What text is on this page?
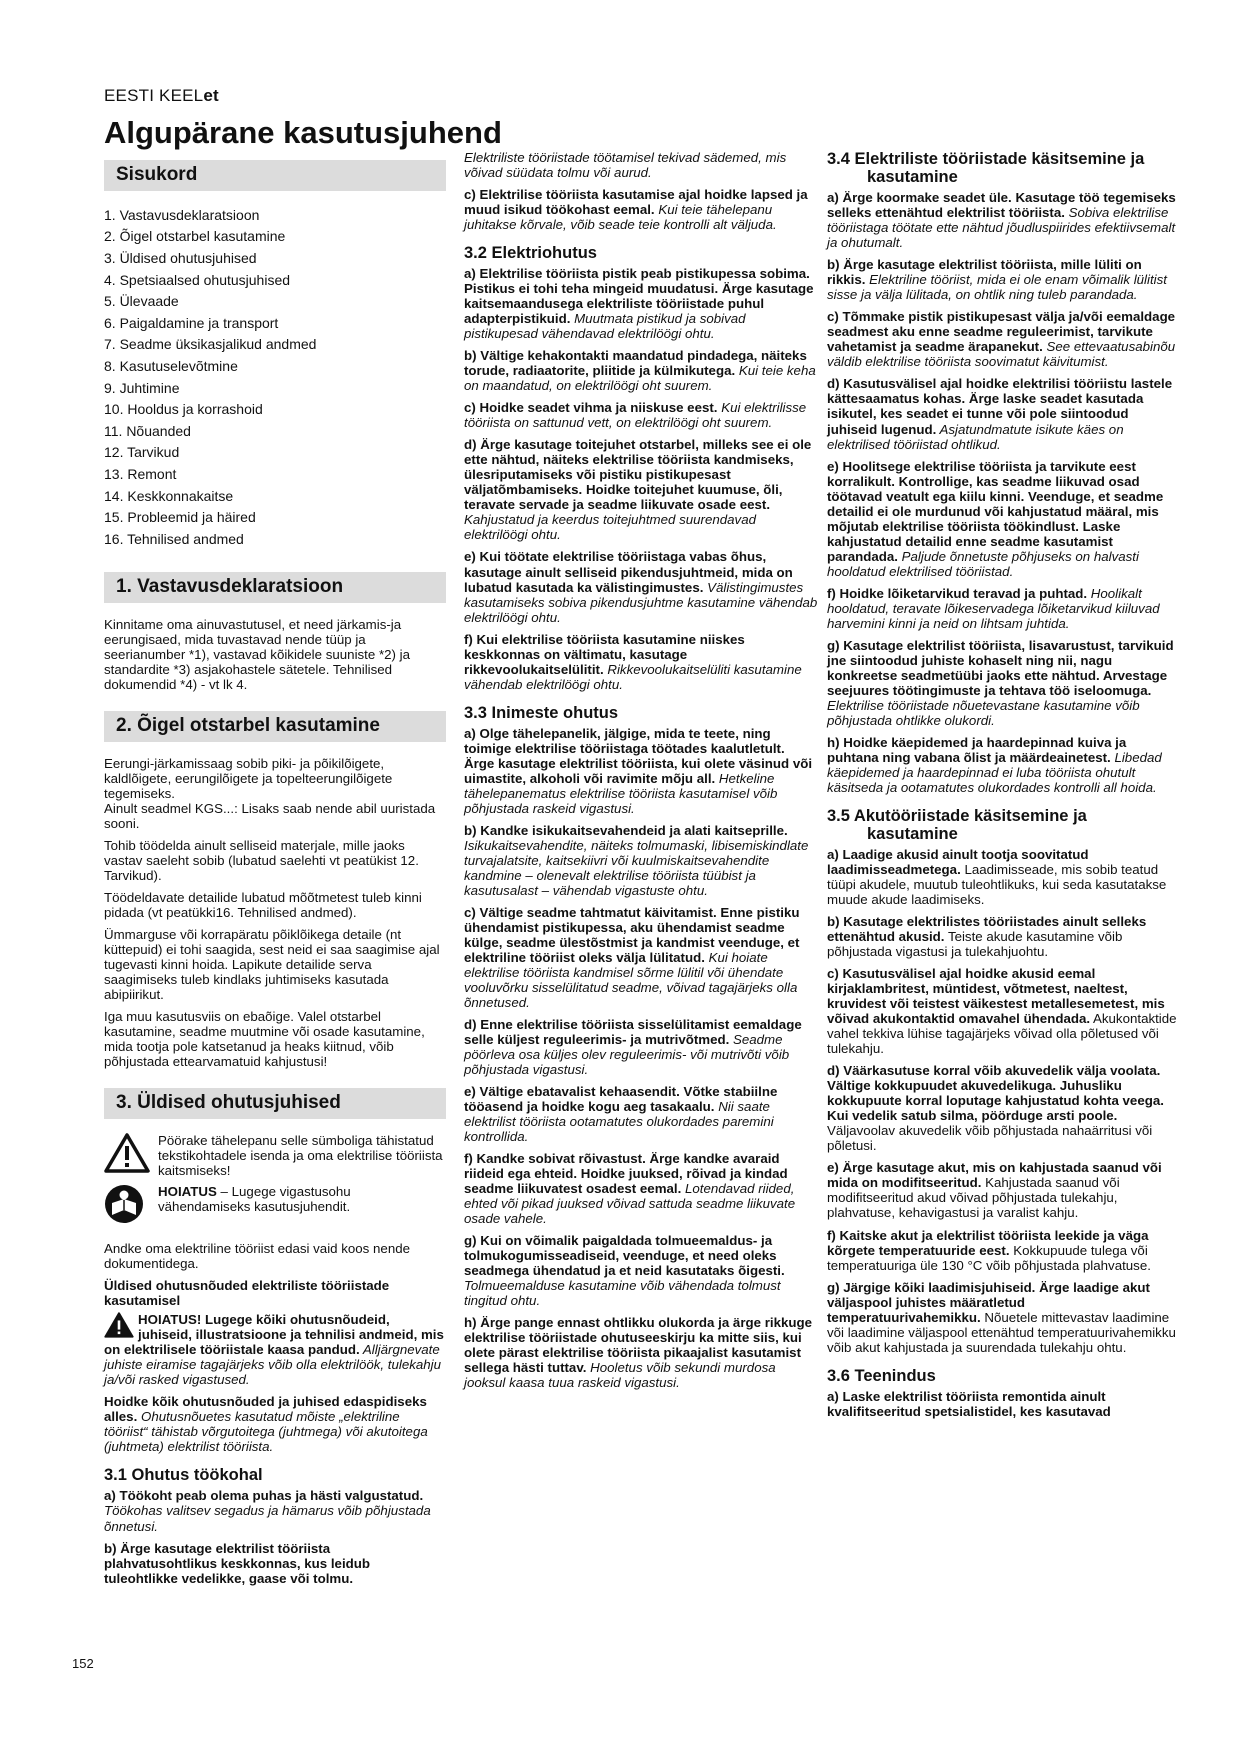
EESTI KEELet
Algupärane kasutusjuhend
152
Sisukord
1. Vastavusdeklaratsioon
2. Õigel otstarbel kasutamine
3. Üldised ohutusjuhised
4. Spetsiaalsed ohutusjuhised
5. Ülevaade
6. Paigaldamine ja transport
7. Seadme üksikasjalikud andmed
8. Kasutuselevõtmine
9. Juhtimine
10. Hooldus ja korrashoid
11. Nõuanded
12. Tarvikud
13. Remont
14. Keskkonnakaitse
15. Probleemid ja häired
16. Tehnilised andmed
1. Vastavusdeklaratsioon

Kinnitame oma ainuvastutusel, et need järkamis-ja eerungisaed, mida tuvastavad nende tüüp ja seerianumber *1), vastavad kõikidele suuniste *2) ja standardite *3) asjakohastele sätetele. Tehnilised dokumendid *4) - vt lk 4.

2. Õigel otstarbel kasutamine

Eerungi-järkamissaag sobib piki- ja põikilõigete, kaldlõigete, eerungilõigete ja topelteerungilõigete tegemiseks.

Ainult seadmel KGS...: Lisaks saab nende abil uuristada sooni.

Tohib töödelda ainult selliseid materjale, mille jaoks vastav saeleht sobib (lubatud saelehti vt peatükist 12. Tarvikud).

Töödeldavate detailide lubatud mõõtmetest tuleb kinni pidada (vt peatükki16. Tehnilised andmed).

Ümmarguse või korrapäratu põiklõikega detaile (nt küttepuid) ei tohi saagida, sest neid ei saa saagimise ajal tugevasti kinni hoida. Lapikute detailide serva saagimiseks tuleb kindlaks juhtimiseks kasutada abipiirikut.

Iga muu kasutusviis on ebaõige. Valel otstarbel kasutamine, seadme muutmine või osade kasutamine, mida tootja pole katsetanud ja heaks kiitnud, võib põhjustada ettearvamatuid kahjustusi!

3. Üldised ohutusjuhised
Pöörake tähelepanu selle sümboliga tähistatud tekstikohtadele isenda ja oma elektrilise tööriista kaitsmiseks!
HOIATUS – Lugege vigastusohu vähendamiseks kasutusjuhendit.

Andke oma elektriline tööriist edasi vaid koos nende dokumentidega.

Üldised ohutusnõuded elektriliste tööriistade kasutamisel

HOIATUS! Lugege kõiki ohutusnõudeid, juhiseid, illustratsioone ja tehnilisi andmeid, mis on elektrilisele tööriistale kaasa pandud. Alljärgnevate juhiste eiramise tagajärjeks võib olla elektrilöök, tulekahju ja/või rasked vigastused.

Hoidke kõik ohutusnõuded ja juhised edaspidiseks alles. Ohutusnõuetes kasutatud mõiste „elektriline tööriist“ tähistab võrgutoitega (juhtmega) või akutoitega (juhtmeta) elektrilist tööriista.

3.1 Ohutus töökohal

a) Töökoht peab olema puhas ja hästi valgustatud. Töökohas valitsev segadus ja hämarus võib põhjustada õnnetusi.

b) Ärge kasutage elektrilist tööriista plahvatusohtlikus keskkonnas, kus leidub tuleohtlikke vedelikke, gaase või tolmu.

Elektriliste tööriistade töötamisel tekivad sädemed, mis võivad süüdata tolmu või aurud.

c) Elektrilise tööriista kasutamise ajal hoidke lapsed ja muud isikud töökohast eemal. Kui teie tähelepanu juhitakse kõrvale, võib seade teie kontrolli alt väljuda.

3.2 Elektriohutus

a) Elektrilise tööriista pistik peab pistikupessa sobima. Pistikus ei tohi teha mingeid muudatusi. Ärge kasutage kaitsemaandusega elektriliste tööriistade puhul adapterpistikuid. Muutmata pistikud ja sobivad pistikupesad vähendavad elektrilöögi ohtu.

b) Vältige kehakontakti maandatud pindadega, näiteks torude, radiaatorite, pliitide ja külmikutega. Kui teie keha on maandatud, on elektrilöögi oht suurem.

c) Hoidke seadet vihma ja niiskuse eest. Kui elektrilisse tööriista on sattunud vett, on elektrilöögi oht suurem.

d) Ärge kasutage toitejuhet otstarbel, milleks see ei ole ette nähtud, näiteks elektrilise tööriista kandmiseks, ülesriputamiseks või pistiku pistikupesast väljatõmbamiseks. Hoidke toitejuhet kuumuse, õli, teravate servade ja seadme liikuvate osade eest. Kahjustatud ja keerdus toitejuhtmed suurendavad elektrilöögi ohtu.

e) Kui töötate elektrilise tööriistaga vabas õhus, kasutage ainult selliseid pikendusjuhtmeid, mida on lubatud kasutada ka välistingimustes. Välistingimustes kasutamiseks sobiva pikendusjuhtme kasutamine vähendab elektrilöögi ohtu.

f) Kui elektrilise tööriista kasutamine niiskes keskkonnas on vältimatu, kasutage rikkevoolukaitselülitit. Rikkevoolukaitselüliti kasutamine vähendab elektrilöögi ohtu.

3.3 Inimeste ohutus

a) Olge tähelepanelik, jälgige, mida te teete, ning toimige elektrilise tööriistaga töötades kaalutletult. Ärge kasutage elektrilist tööriista, kui olete väsinud või uimastite, alkoholi või ravimite mõju all. Hetkeline tähelepanematus elektrilise tööriista kasutamisel võib põhjustada raskeid vigastusi.

b) Kandke isikukaitsevahendeid ja alati kaitseprille. Isikukaitsevahendite, näiteks tolmumaski, libisemiskindlate turvajalatsite, kaitsekiivri või kuulmiskaitsevahendite kandmine – olenevalt elektrilise tööriista tüübist ja kasutusalast – vähendab vigastuste ohtu.

c) Vältige seadme tahtmatut käivitamist. Enne pistiku ühendamist pistikupessa, aku ühendamist seadme külge, seadme ülestõstmist ja kandmist veenduge, et elektriline tööriist oleks välja lülitatud. Kui hoiate elektrilise tööriista kandmisel sõrme lülitil või ühendate vooluvõrku sisselülitatud seadme, võivad tagajärjeks olla õnnetused.

d) Enne elektrilise tööriista sisselülitamist eemaldage selle küljest reguleerimis- ja mutrivõtmed. Seadme pöörleva osa küljes olev reguleerimis- või mutrivõti võib põhjustada vigastusi.

e) Vältige ebatavalist kehaasendit. Võtke stabiilne tööasend ja hoidke kogu aeg tasakaalu. Nii saate elektrilist tööriista ootamatutes olukordades paremini kontrollida.

f) Kandke sobivat rõivastust. Ärge kandke avaraid riideid ega ehteid. Hoidke juuksed, rõivad ja kindad seadme liikuvatest osadest eemal. Lotendavad riided, ehted või pikad juuksed võivad sattuda seadme liikuvate osade vahele.

g) Kui on võimalik paigaldada tolmueemaldus- ja tolmukogumisseadiseid, veenduge, et need oleks seadmega ühendatud ja et neid kasutataks õigesti. Tolmueemalduse kasutamine võib vähendada tolmust tingitud ohtu.

h) Ärge pange ennast ohtlikku olukorda ja ärge rikkuge elektrilise tööriistade ohutuseeskirju ka mitte siis, kui olete pärast elektrilise tööriista pikaajalist kasutamist sellega hästi tuttav. Hooletus võib sekundi murdosa jooksul kaasa tuua raskeid vigastusi.

3.4 Elektriliste tööriistade käsitsemine ja kasutamine

a) Ärge koormake seadet üle. Kasutage töö tegemiseks selleks ettenähtud elektrilist tööriista. Sobiva elektrilise tööriistaga töötate ette nähtud jõudluspiirides efektiivsemalt ja ohutumalt.

b) Ärge kasutage elektrilist tööriista, mille lüliti on rikkis. Elektriline tööriist, mida ei ole enam võimalik lülitist sisse ja välja lülitada, on ohtlik ning tuleb parandada.

c) Tõmmake pistik pistikupesast välja ja/või eemaldage seadmest aku enne seadme reguleerimist, tarvikute vahetamist ja seadme ärapanekut. See ettevaatusabinõu väldib elektrilise tööriista soovimatut käivitumist.

d) Kasutusvälisel ajal hoidke elektrilisi tööriistu lastele kättesaamatus kohas. Ärge laske seadet kasutada isikutel, kes seadet ei tunne või pole siintoodud juhiseid lugenud. Asjatundmatute isikute käes on elektrilised tööriistad ohtlikud.

e) Hoolitsege elektrilise tööriista ja tarvikute eest korralikult. Kontrollige, kas seadme liikuvad osad töötavad veatult ega kiilu kinni. Veenduge, et seadme detailid ei ole murdunud või kahjustatud määral, mis mõjutab elektrilise tööriista töökindlust. Laske kahjustatud detailid enne seadme kasutamist parandada. Paljude õnnetuste põhjuseks on halvasti hooldatud elektrilised tööriistad.

f) Hoidke lõiketarvikud teravad ja puhtad. Hoolikalt hooldatud, teravate lõikeservadega lõiketarvikud kiiluvad harvemini kinni ja neid on lihtsam juhtida.

g) Kasutage elektrilist tööriista, lisavarustust, tarvikuid jne siintoodud juhiste kohaselt ning nii, nagu konkreetse seadmetüübi jaoks ette nähtud. Arvestage seejuures töötingimuste ja tehtava töö iseloomuga. Elektrilise tööriistade nõuetevastane kasutamine võib põhjustada ohtlikke olukordi.

h) Hoidke käepidemed ja haardepinnad kuiva ja puhtana ning vabana õlist ja määrdeainetest. Libedad käepidemed ja haardepinnad ei luba tööriista ohutult käsitseda ja ootamatutes olukordades kontrolli all hoida.

3.5 Akutööriistade käsitsemine ja kasutamine

a) Laadige akusid ainult tootja soovitatud laadimisseadmetega. Laadimisseade, mis sobib teatud tüüpi akudele, muutub tuleohtlikuks, kui seda kasutatakse muude akude laadimiseks.

b) Kasutage elektrilistes tööriistades ainult selleks ettenähtud akusid. Teiste akude kasutamine võib põhjustada vigastusi ja tulekahjuohtu.

c) Kasutusvälisel ajal hoidke akusid eemal kirjaklambritest, müntidest, võtmetest, naeltest, kruvidest või teistest väikestest metallesemetest, mis võivad akukontaktid omavahel ühendada. Akukontaktide vahel tekkiva lühise tagajärjeks võivad olla põletused või tulekahju.

d) Väärkasutuse korral võib akuvedelik välja voolata. Vältige kokkupuudet akuvedelikuga. Juhusliku kokkupuute korral loputage kahjustatud kohta veega. Kui vedelik satub silma, pöörduge arsti poole. Väljavoolav akuvedelik võib põhjustada nahaärritusi või põletusi.

e) Ärge kasutage akut, mis on kahjustada saanud või mida on modifitseeritud. Kahjustada saanud või modifitseeritud akud võivad põhjustada tulekahju, plahvatuse, kehavigastusi ja varalist kahju.

f) Kaitske akut ja elektrilist tööriista leekide ja väga kõrgete temperatuuride eest. Kokkupuude tulega või temperatuuriga üle 130 °C võib põhjustada plahvatuse.

g) Järgige kõiki laadimisjuhiseid. Ärge laadige akut väljaspool juhistes määratletud temperatuurivahemikku. Nõuetele mittevastav laadimine või laadimine väljaspool ettenähtud temperatuurivahemikku võib akut kahjustada ja suurendada tulekahju ohtu.

3.6 Teenindus

a) Laske elektrilist tööriista remontida ainult kvalifitseeritud spetsialistidel, kes kasutavad
